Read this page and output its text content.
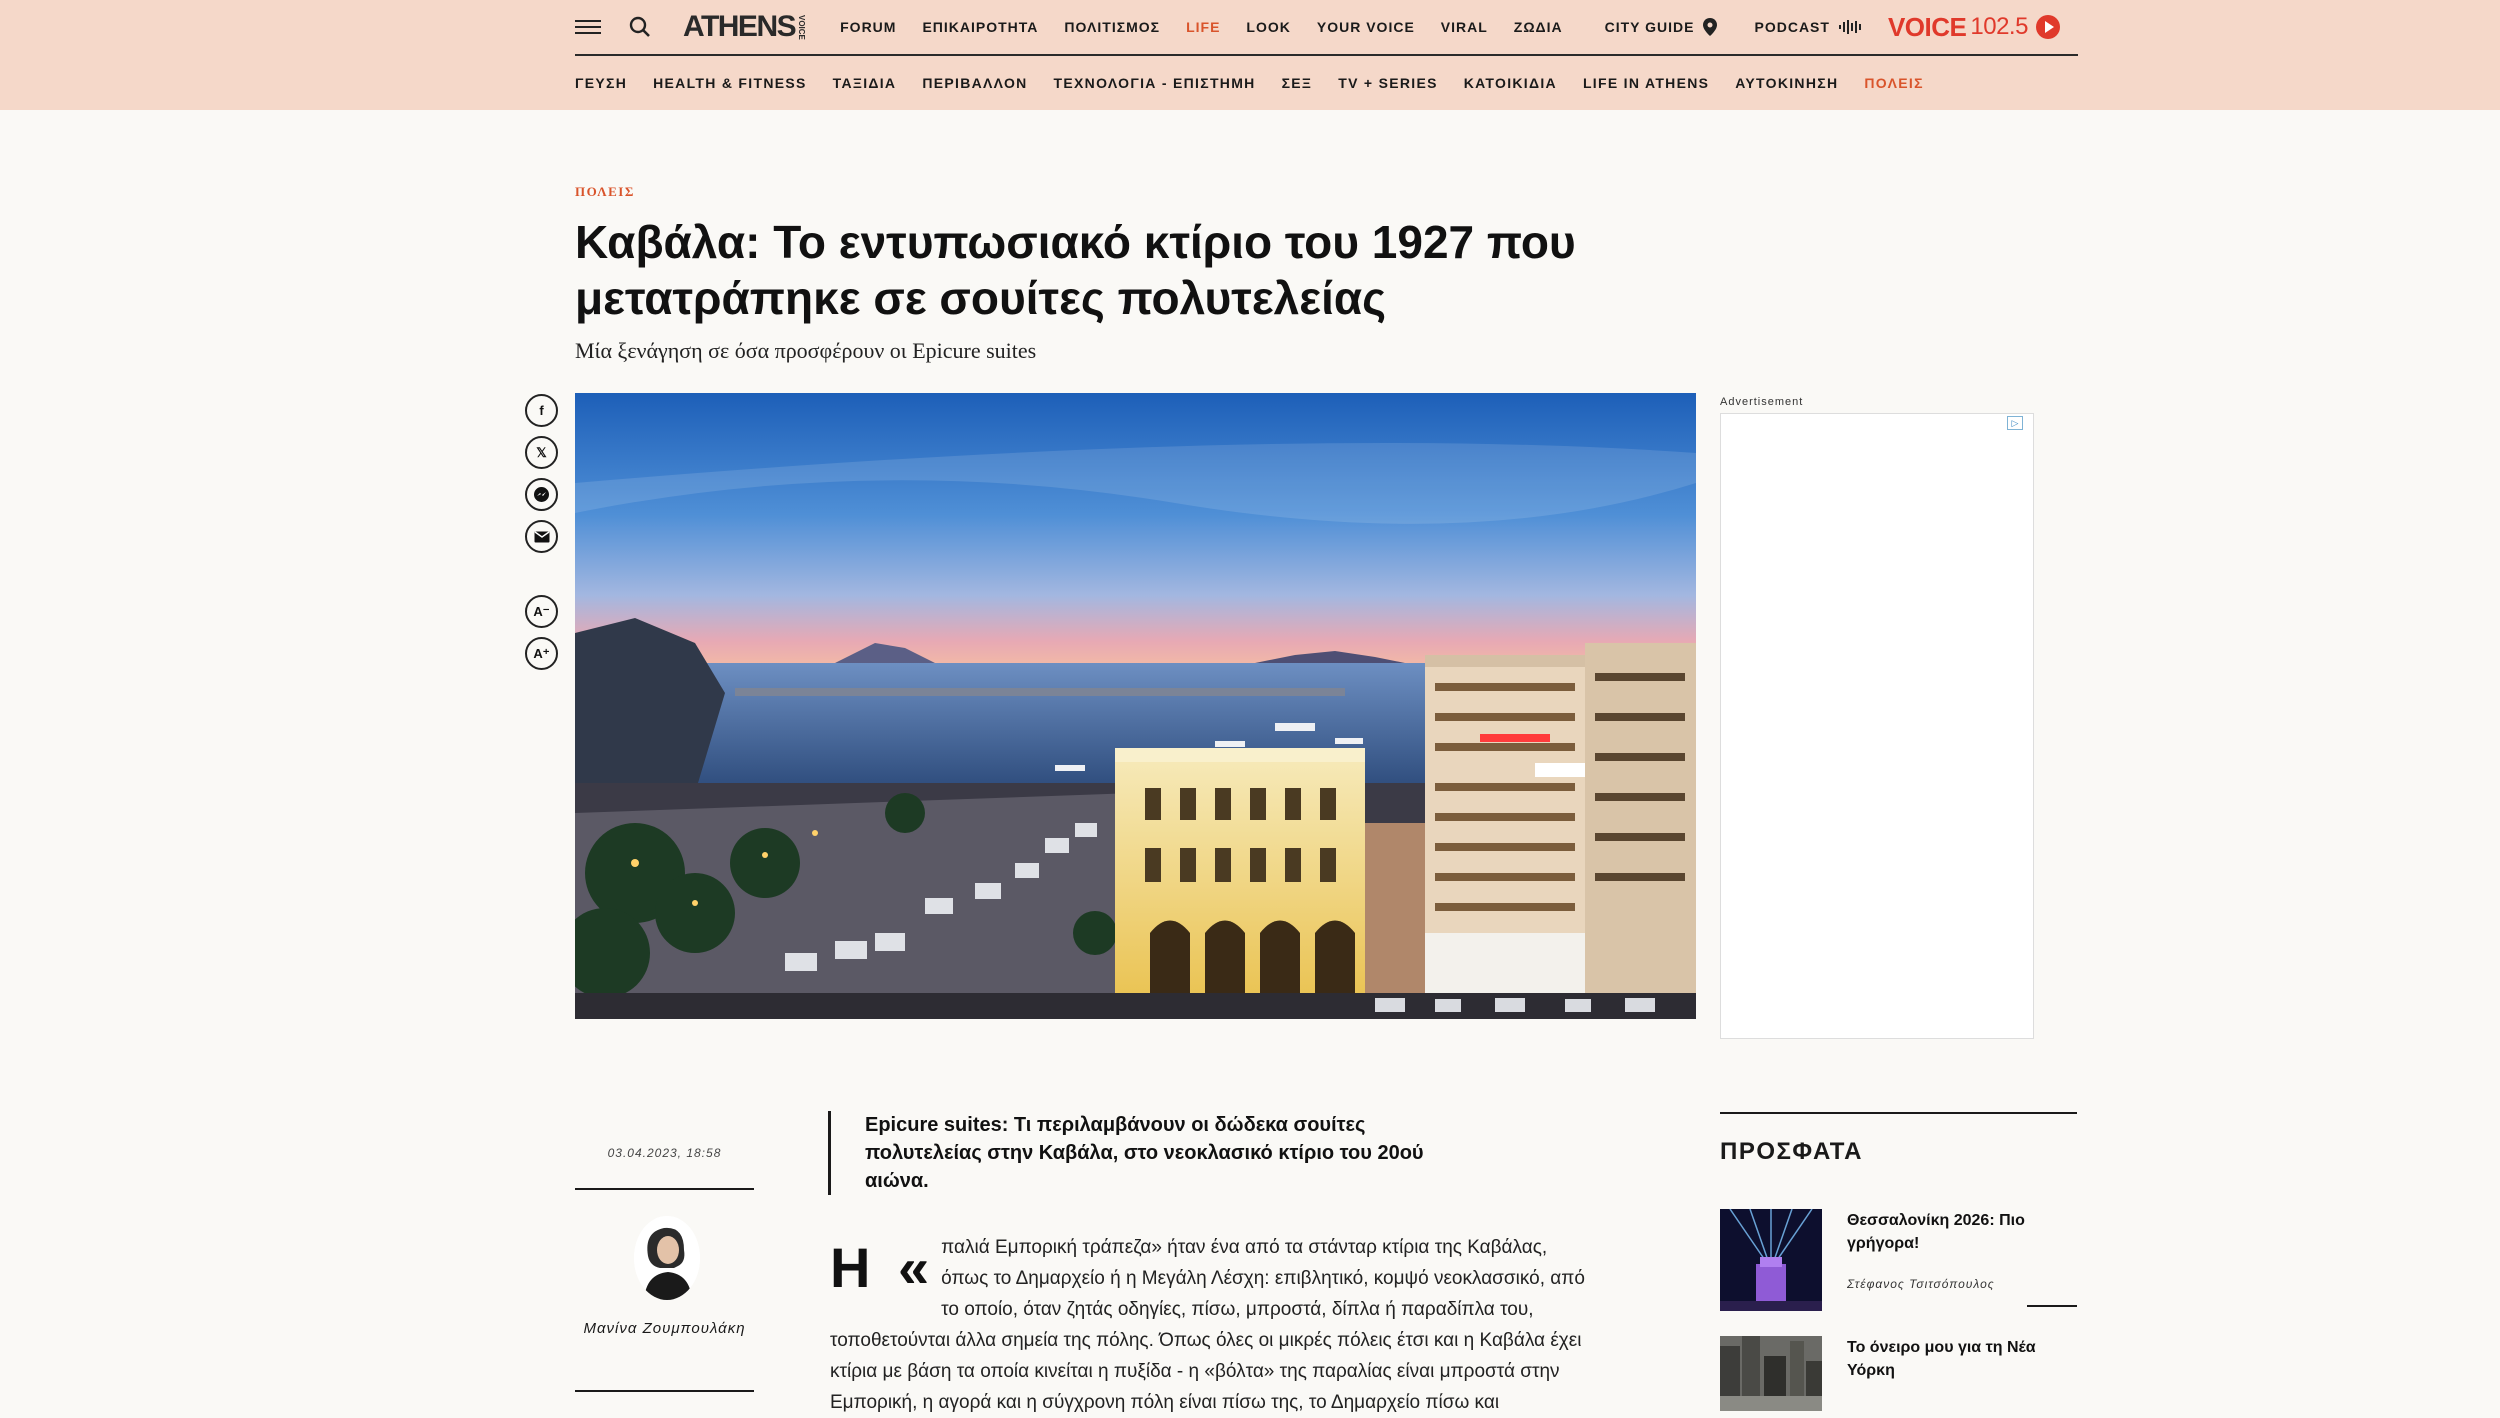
ATHENS VOICE FORUM ΕΠΙΚΑΙΡΟΤΗΤΑ ΠΟΛΙΤΙΣΜΟΣ LIFE LOOK YOUR VOICE VIRAL ΖΩΔΙΑ	CITY GUIDE	PODCAST VOICE 102.5
ΓΕΥΣΗ HEALTH & FITNESS ΤΑΞΙΔΙΑ ΠΕΡΙΒΑΛΛΟΝ ΤΕΧΝΟΛΟΓΙΑ - ΕΠΙΣΤΗΜΗ ΣΕΞ TV + SERIES ΚΑΤΟΙΚΙΔΙΑ LIFE IN ATHENS ΑΥΤΟΚΙΝΗΣΗ ΠΟΛΕΙΣ
ΠΟΛΕΙΣ
Καβάλα: Το εντυπωσιακό κτίριο του 1927 που μετατράπηκε σε σουίτες πολυτελείας
Μία ξενάγηση σε όσα προσφέρουν οι Epicure suites
f
𝕏
A⁻
A⁺
Advertisement
▷
03.04.2023, 18:58
Μανίνα Ζουμπουλάκη
Epicure suites: Τι περιλαμβάνουν οι δώδεκα σουίτες πολυτελείας στην Καβάλα, στο νεοκλασικό κτίριο του 20ού αιώνα.
Η « παλιά Εμπορική τράπεζα» ήταν ένα από τα στάνταρ κτίρια της Καβάλας, όπως το Δημαρχείο ή η Μεγάλη Λέσχη: επιβλητικό, κομψό νεοκλασσικό, από το οποίο, όταν ζητάς οδηγίες, πίσω, μπροστά, δίπλα ή παραδίπλα του, τοποθετούνται άλλα σημεία της πόλης. Όπως όλες οι μικρές πόλεις έτσι και η Καβάλα έχει κτίρια με βάση τα οποία κινείται η πυξίδα - η «βόλτα» της παραλίας είναι μπροστά στην Εμπορική, η αγορά και η σύγχρονη πόλη είναι πίσω της, το Δημαρχείο πίσω και
ΠΡΟΣΦΑΤΑ
Θεσσαλονίκη 2026: Πιο γρήγορα!
Στέφανος Τσιτσόπουλος
Το όνειρο μου για τη Νέα Υόρκη
